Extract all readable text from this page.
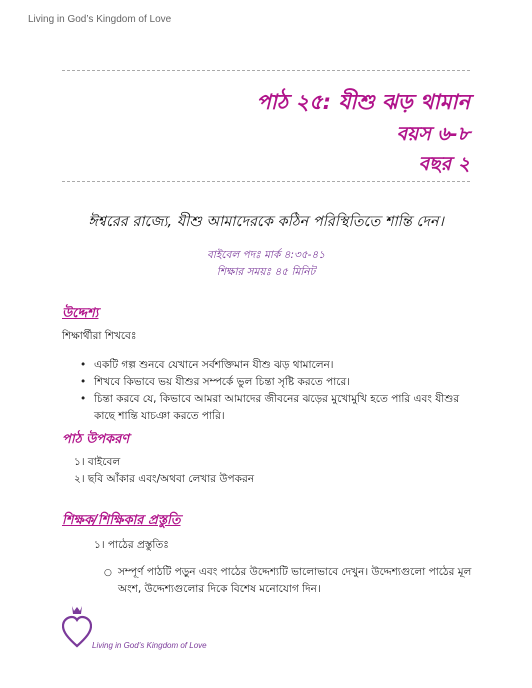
Living in God’s Kingdom of Love
পাঠ ২৫: যীশু ঝড় থামান
বয়স ৬-৮
বছর ২
ঈশ্বরের রাজ্যে, যীশু আমাদেরকে কঠিন পরিস্থিতিতে শান্তি দেন।
বাইবেল পদঃ মার্ক ৪:৩৫-৪১
শিক্ষার সময়ঃ ৪৫ মিনিট
উদ্দেশ্য
শিক্ষার্থীরা শিখবেঃ
• একটি গল্প শুনবে যেখানে সর্বশক্তিমান যীশু ঝড় থামালেন।
• শিখবে কিভাবে ভয় যীশুর সম্পর্কে ভুল চিন্তা সৃষ্টি করতে পারে।
• চিন্তা করবে যে, কিভাবে আমরা আমাদের জীবনের ঝড়ের মুখোমুখি হতে পারি এবং যীশুর কাছে শান্তি যাচঞা করতে পারি।
পাঠ উপকরণ
১। বাইবেল
২। ছবি আঁকার এবং/অথবা লেখার উপকরন
শিক্ষক/শিক্ষিকার প্রস্তুতি
১। পাঠের প্রস্তুতিঃ
○ সম্পূর্ণ পাঠটি পড়ুন এবং পাঠের উদ্দেশ্যটি ভালোভাবে দেখুন। উদ্দেশ্যগুলো পাঠের মূল অংশ, উদ্দেশ্যগুলোর দিকে বিশেষ মনোযোগ দিন।
Living in God’s Kingdom of Love
